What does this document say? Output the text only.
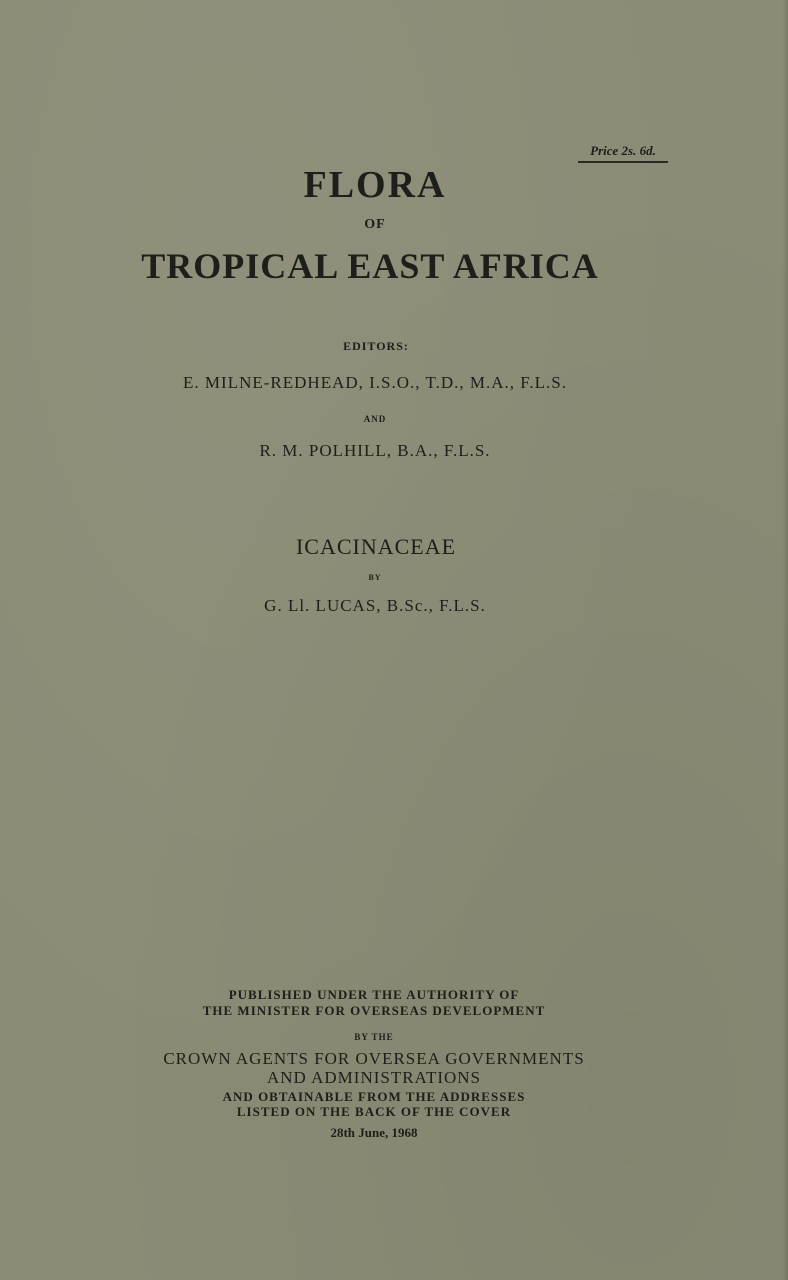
Price 2s. 6d.
FLORA
OF
TROPICAL EAST AFRICA
EDITORS:
E. MILNE-REDHEAD, I.S.O., T.D., M.A., F.L.S.
AND
R. M. POLHILL, B.A., F.L.S.
ICACINACEAE
BY
G. Ll. LUCAS, B.Sc., F.L.S.
PUBLISHED UNDER THE AUTHORITY OF
THE MINISTER FOR OVERSEAS DEVELOPMENT
BY THE
CROWN AGENTS FOR OVERSEA GOVERNMENTS
AND ADMINISTRATIONS
AND OBTAINABLE FROM THE ADDRESSES
LISTED ON THE BACK OF THE COVER
28th June, 1968
